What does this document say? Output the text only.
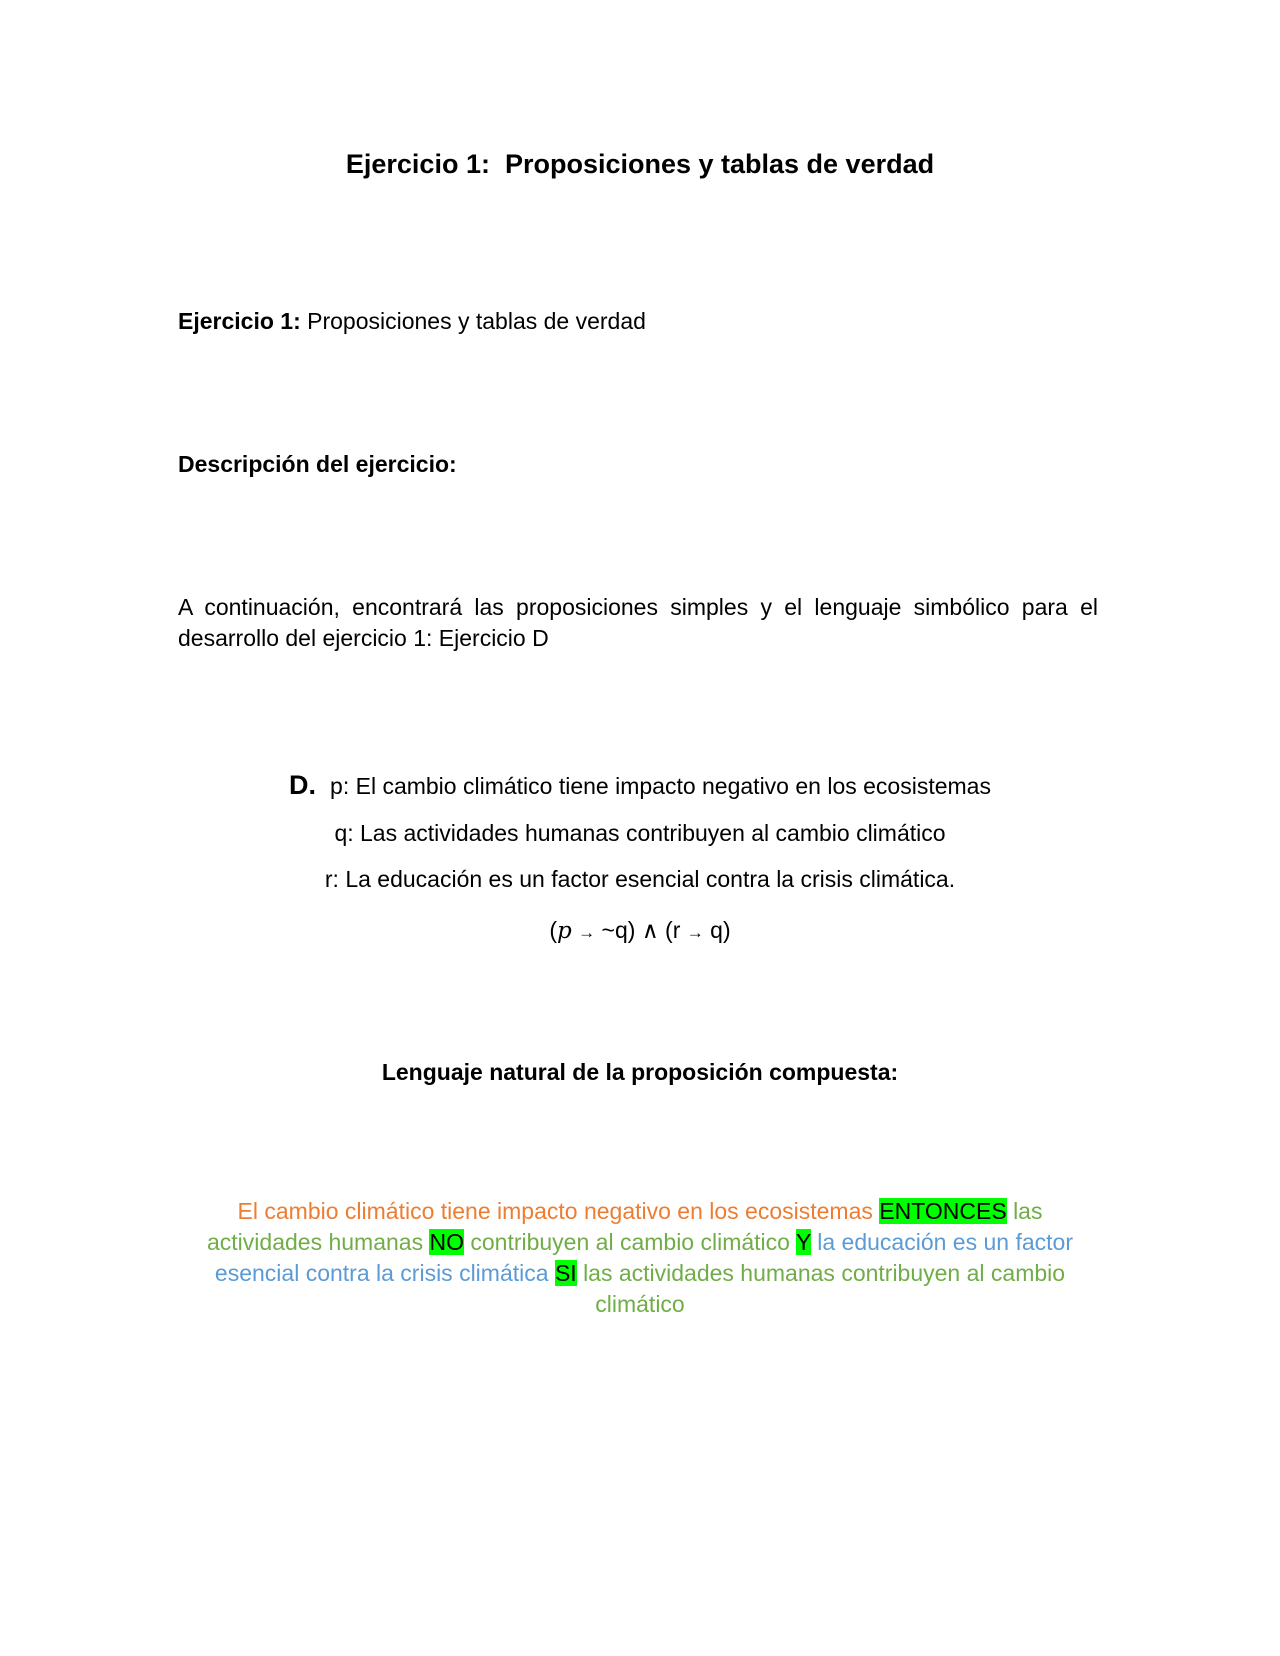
Ejercicio 1:  Proposiciones y tablas de verdad
Ejercicio 1: Proposiciones y tablas de verdad
Descripción del ejercicio:
A continuación, encontrará las proposiciones simples y el lenguaje simbólico para el desarrollo del ejercicio 1: Ejercicio D
D. p: El cambio climático tiene impacto negativo en los ecosistemas
q: Las actividades humanas contribuyen al cambio climático
r: La educación es un factor esencial contra la crisis climática.
(p → ~q) ∧ (r → q)
Lenguaje natural de la proposición compuesta:
El cambio climático tiene impacto negativo en los ecosistemas ENTONCES las actividades humanas NO contribuyen al cambio climático Y la educación es un factor esencial contra la crisis climática SI las actividades humanas contribuyen al cambio climático
